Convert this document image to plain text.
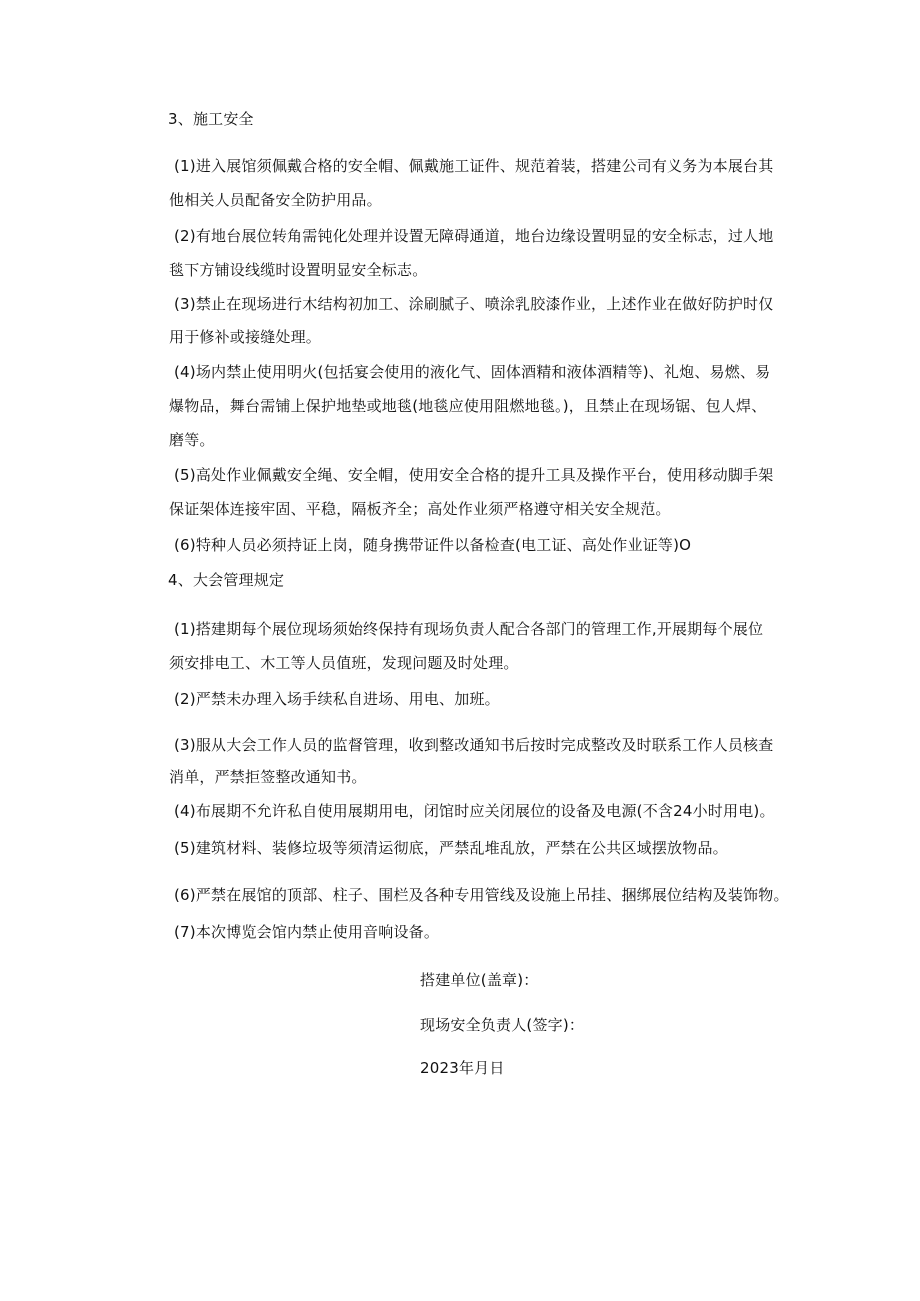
3、施工安全
(1)进入展馆须佩戴合格的安全帽、佩戴施工证件、规范着装，搭建公司有义务为本展台其
他相关人员配备安全防护用品。
(2)有地台展位转角需钝化处理并设置无障碍通道，地台边缘设置明显的安全标志，过人地
毯下方铺设线缆时设置明显安全标志。
(3)禁止在现场进行木结构初加工、涂刷腻子、喷涂乳胶漆作业，上述作业在做好防护时仅
用于修补或接缝处理。
(4)场内禁止使用明火(包括宴会使用的液化气、固体酒精和液体酒精等)、礼炮、易燃、易
爆物品，舞台需铺上保护地垫或地毯(地毯应使用阻燃地毯。)，且禁止在现场锯、包人焊、
磨等。
(5)高处作业佩戴安全绳、安全帽，使用安全合格的提升工具及操作平台，使用移动脚手架
保证架体连接牢固、平稳，隔板齐全；高处作业须严格遵守相关安全规范。
(6)特种人员必须持证上岗，随身携带证件以备检查(电工证、高处作业证等)O
4、大会管理规定
(1)搭建期每个展位现场须始终保持有现场负责人配合各部门的管理工作,开展期每个展位
须安排电工、木工等人员值班，发现问题及时处理。
(2)严禁未办理入场手续私自进场、用电、加班。
(3)服从大会工作人员的监督管理，收到整改通知书后按时完成整改及时联系工作人员核查
消单，严禁拒签整改通知书。
(4)布展期不允许私自使用展期用电，闭馆时应关闭展位的设备及电源(不含24小时用电)。
(5)建筑材料、装修垃圾等须清运彻底，严禁乱堆乱放，严禁在公共区域摆放物品。
(6)严禁在展馆的顶部、柱子、围栏及各种专用管线及设施上吊挂、捆绑展位结构及装饰物。
(7)本次博览会馆内禁止使用音响设备。
搭建单位(盖章)：
现场安全负责人(签字)：
2023年月日
